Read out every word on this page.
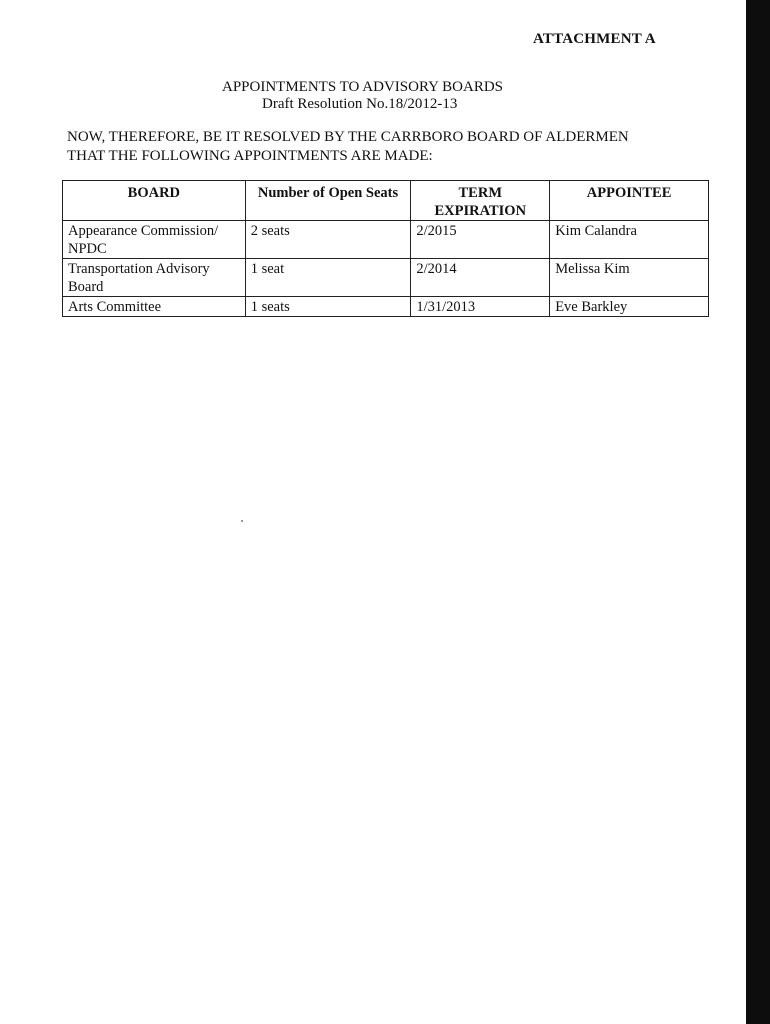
ATTACHMENT A
APPOINTMENTS TO ADVISORY BOARDS
Draft Resolution No.18/2012-13
NOW, THEREFORE, BE IT RESOLVED BY THE CARRBORO BOARD OF ALDERMEN
THAT THE FOLLOWING APPOINTMENTS ARE MADE:
BOARD	Number of Open Seats	TERM EXPIRATION	APPOINTEE
Appearance Commission/ NPDC	2 seats	2/2015	Kim Calandra
Transportation Advisory Board	1 seat	2/2014	Melissa Kim
Arts Committee	1 seats	1/31/2013	Eve Barkley
